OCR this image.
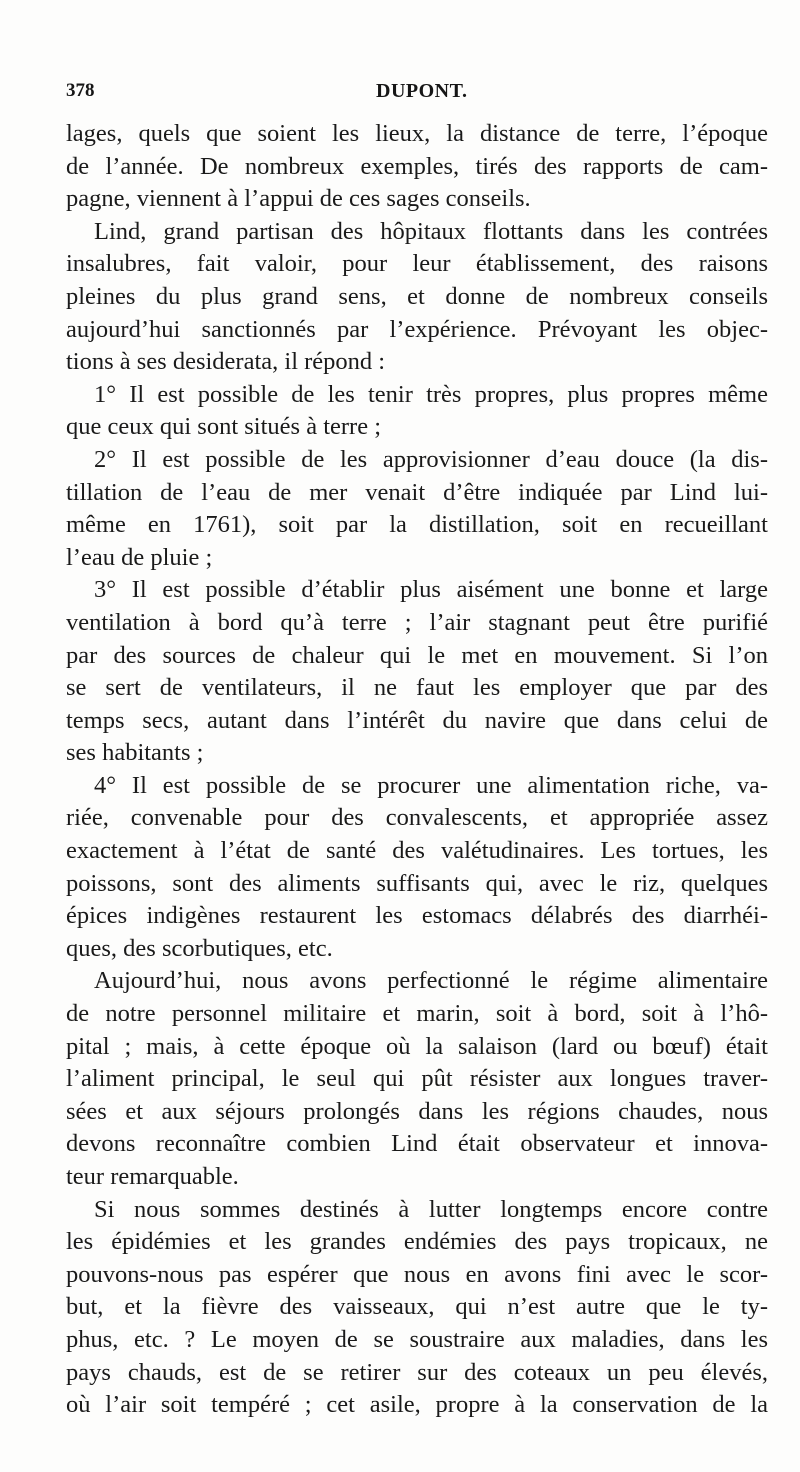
378	DUPONT.

lages, quels que soient les lieux, la distance de terre, l’époque

de l’année. De nombreux exemples, tirés des rapports de cam-

pagne, viennent à l’appui de ces sages conseils.

Lind, grand partisan des hôpitaux flottants dans les contrées

insalubres, fait valoir, pour leur établissement, des raisons

pleines du plus grand sens, et donne de nombreux conseils

aujourd’hui sanctionnés par l’expérience. Prévoyant les objec-

tions à ses desiderata, il répond :

1° Il est possible de les tenir très propres, plus propres même

que ceux qui sont situés à terre ;

2° Il est possible de les approvisionner d’eau douce (la dis-

tillation de l’eau de mer venait d’être indiquée par Lind lui-

même en 1761), soit par la distillation, soit en recueillant

l’eau de pluie ;

3° Il est possible d’établir plus aisément une bonne et large

ventilation à bord qu’à terre ; l’air stagnant peut être purifié

par des sources de chaleur qui le met en mouvement. Si l’on

se sert de ventilateurs, il ne faut les employer que par des

temps secs, autant dans l’intérêt du navire que dans celui de

ses habitants ;

4° Il est possible de se procurer une alimentation riche, va-

riée, convenable pour des convalescents, et appropriée assez

exactement à l’état de santé des valétudinaires. Les tortues, les

poissons, sont des aliments suffisants qui, avec le riz, quelques

épices indigènes restaurent les estomacs délabrés des diarrhéi-

ques, des scorbutiques, etc.

Aujourd’hui, nous avons perfectionné le régime alimentaire

de notre personnel militaire et marin, soit à bord, soit à l’hô-

pital ; mais, à cette époque où la salaison (lard ou bœuf) était

l’aliment principal, le seul qui pût résister aux longues traver-

sées et aux séjours prolongés dans les régions chaudes, nous

devons reconnaître combien Lind était observateur et innova-

teur remarquable.

Si nous sommes destinés à lutter longtemps encore contre

les épidémies et les grandes endémies des pays tropicaux, ne

pouvons-nous pas espérer que nous en avons fini avec le scor-

but, et la fièvre des vaisseaux, qui n’est autre que le ty-

phus, etc. ? Le moyen de se soustraire aux maladies, dans les

pays chauds, est de se retirer sur des coteaux un peu élevés,

où l’air soit tempéré ; cet asile, propre à la conservation de la
